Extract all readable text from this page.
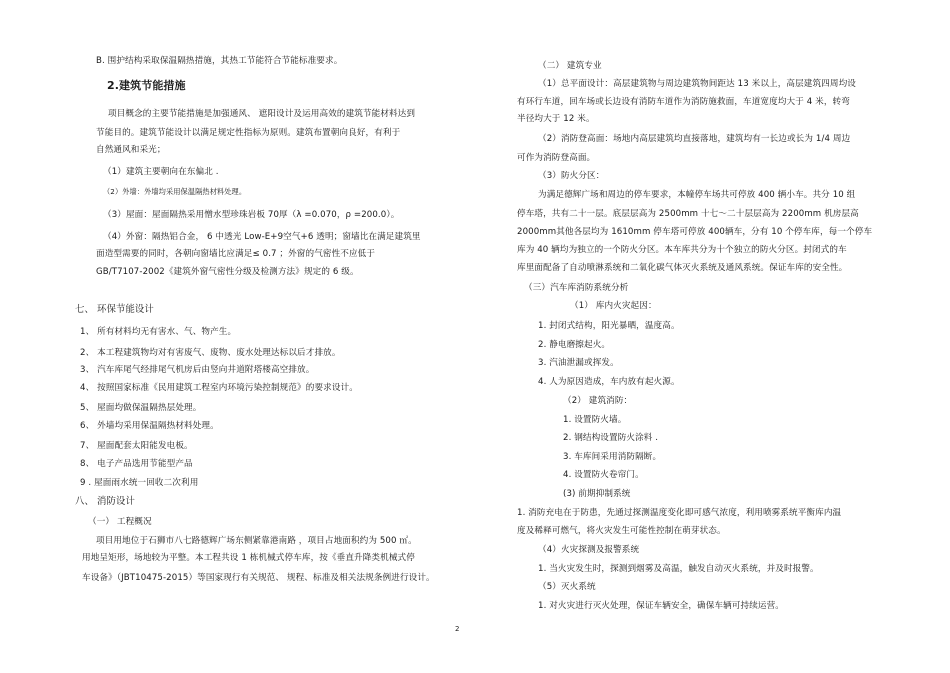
B. 围护结构采取保温隔热措施，其热工节能符合节能标准要求。
2.建筑节能措施
项目概念的主要节能措施是加强通风、 遮阳设计及运用高效的建筑节能材料达到
节能目的。建筑节能设计以满足规定性指标为原则。建筑布置朝向良好，有利于
自然通风和采光；
（1）建筑主要朝向在东偏北 .
（2）外墙：外墙均采用保温隔热材料处理。
（3）屋面：屋面隔热采用憎水型珍珠岩板 70厚（λ =0.070，ρ =200.0）。
（4）外窗：隔热铝合金， 6 中透光 Low-E+9空气+6 透明；窗墙比在满足建筑里
面造型需要的同时，各朝向窗墙比应满足≤ 0.7 ；外窗的气密性不应低于
GB/T7107-2002《建筑外窗气密性分级及检测方法》规定的 6 级。
七、 环保节能设计
1、 所有材料均无有害水、气、物产生。
2、 本工程建筑物均对有害废气、废物、废水处理达标以后才排放。
3、 汽车库尾气经排尾气机房后由竖向井道附塔楼高空排放。
4、 按照国家标准《民用建筑工程室内环境污染控制规范》的要求设计。
5、 屋面均做保温隔热层处理。
6、 外墙均采用保温隔热材料处理。
7、 屋面配套太阳能发电板。
8、 电子产品选用节能型产品
9 . 屋面雨水统一回收二次利用
八、 消防设计
（一） 工程概况
项目用地位于石狮市八七路德辉广场东侧紧靠港南路 ，项目占地面积约为 500 ㎡。
用地呈矩形，场地较为平整。本工程共设 1 栋机械式停车库，按《垂直升降类机械式停
车设备》（JBT10475-2015）等国家现行有关规范、 规程、标准及相关法规条例进行设计。
（二） 建筑专业
（1）总平面设计：高层建筑物与周边建筑物间距达 13 米以上，高层建筑四周均设
有环行车道，回车场或长边设有消防车道作为消防施救面，车道宽度均大于 4 米，转弯
半径均大于 12 米。
（2）消防登高面：场地内高层建筑均直接落地，建筑均有一长边或长为 1/4 周边
可作为消防登高面。
（3）防火分区：
为满足德辉广场和周边的停车要求，本幢停车场共可停放 400 辆小车。共分 10 组
停车塔，共有二十一层。底层层高为 2500mm 十七～二十层层高为 2200mm 机房层高
2000mm其他各层均为 1610mm 停车塔可停放 400辆车，分有 10 个停车库，每一个停车
库为 40 辆均为独立的一个防火分区。本车库共分为十个独立的防火分区。封闭式的车
库里面配备了自动喷淋系统和二氧化碳气体灭火系统及通风系统。保证车库的安全性。
（三）汽车库消防系统分析
（1） 库内火灾起因：
1. 封闭式结构，阳光暴晒，温度高。
2. 静电磨擦起火。
3. 汽油泄漏或挥发。
4. 人为原因造成，车内放有起火源。
（2） 建筑消防：
1. 设置防火墙。
2. 钢结构设置防火涂料 .
3. 车库间采用消防隔断。
4. 设置防火卷帘门。
(3) 前期抑制系统
1. 消防充电在于防患，先通过探测温度变化即可感气浓度，利用喷雾系统平衡库内温
度及稀释可燃气，将火灾发生可能性控制在萌芽状态。
（4）火灾探测及报警系统
1. 当火灾发生时，探测到烟雾及高温，触发自动灭火系统，并及时报警。
（5）灭火系统
1. 对火灾进行灭火处理，保证车辆安全，确保车辆可持续运营。
2
